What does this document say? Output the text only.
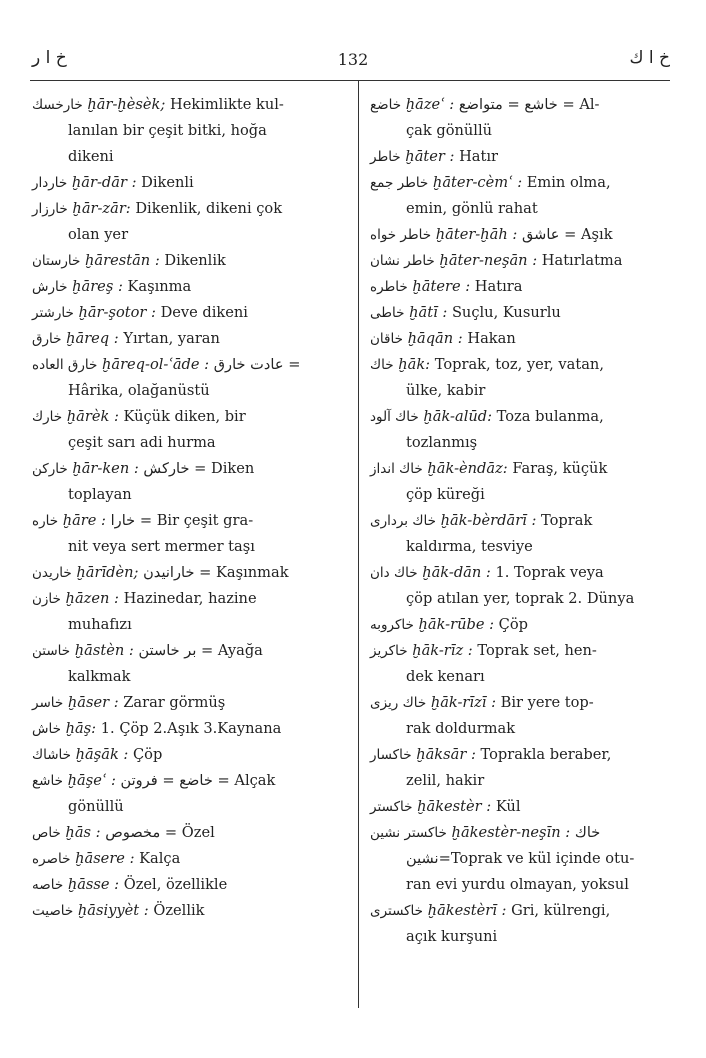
خ ا ر	132	خ ا ك

خارخسك ḫār-ḫèsèk; Hekimlikte kul-
lanılan bir çeşit bitki, hoğa
dikeni

خاردار ḫār-dār : Dikenli

خارزار ḫār-zār: Dikenlik, dikeni çok
olan yer

خارستان ḫārestān : Dikenlik

خارش ḫāreş : Kaşınma

خارشتر ḫār-şotor : Deve dikeni

خارق ḫāreq : Yırtan, yaran

خارق العاده ḫāreq-ol-ʿāde : عادت خارق =
Hârika, olağanüstü

خارك ḫārèk : Küçük diken, bir
çeşit sarı adi hurma

خاركن ḫār-ken : خاركش = Diken
toplayan

خاره ḫāre : خارا = Bir çeşit gra-
nit veya sert mermer taşı

خاريدن ḫārīdèn; خارانيدن = Kaşınmak

خازن ḫāzen : Hazinedar, hazine
muhafızı

خاستن ḫāstèn : بر خاستن = Ayağa
kalkmak

خاسر ḫāser : Zarar görmüş

خاش ḫāş: 1. Çöp 2.Aşık 3.Kaynana

خاشاك ḫāşāk : Çöp

خاشع ḫāşeʿ : خاضع = فروتن = Alçak
gönüllü

خاص ḫās : مخصوص = Özel

خاصره ḫāsere : Kalça

خاصه ḫāsse : Özel, özellikle

خاصيت ḫāsiyyèt : Özellik

خاضع ḫāzeʿ : خاشع = متواضع = Al-
çak gönüllü

خاطر ḫāter : Hatır

خاطر جمع ḫāter-cèmʿ : Emin olma,
emin, gönlü rahat

خاطر خواه ḫāter-ḫāh : عاشق = Aşık

خاطر نشان ḫāter-neşān : Hatırlatma

خاطره ḫātere : Hatıra

خاطى ḫātī : Suçlu, Kusurlu

خاقان ḫāqān : Hakan

خاك ḫāk: Toprak, toz, yer, vatan,
ülke, kabir

خاك آلود ḫāk-alūd: Toza bulanma,
tozlanmış

خاك انداز ḫāk-èndāz: Faraş, küçük
çöp küreği

خاك بردارى ḫāk-bèrdārī : Toprak
kaldırma, tesviye

خاك دان ḫāk-dān : 1. Toprak veya
çöp atılan yer, toprak 2. Dünya

خاكروبه ḫāk-rūbe : Çöp

خاكريز ḫāk-rīz : Toprak set, hen-
dek kenarı

خاك ريزى ḫāk-rīzī : Bir yere top-
rak doldurmak

خاكسار ḫāksār : Toprakla beraber,
zelil, hakir

خاكستر ḫākestèr : Kül

خاكستر نشين ḫākestèr-neşīn : خاك
نشين=Toprak ve kül içinde otu-
ran evi yurdu olmayan, yoksul

خاكسترى ḫākestèrī : Gri, külrengi,
açık kurşuni
